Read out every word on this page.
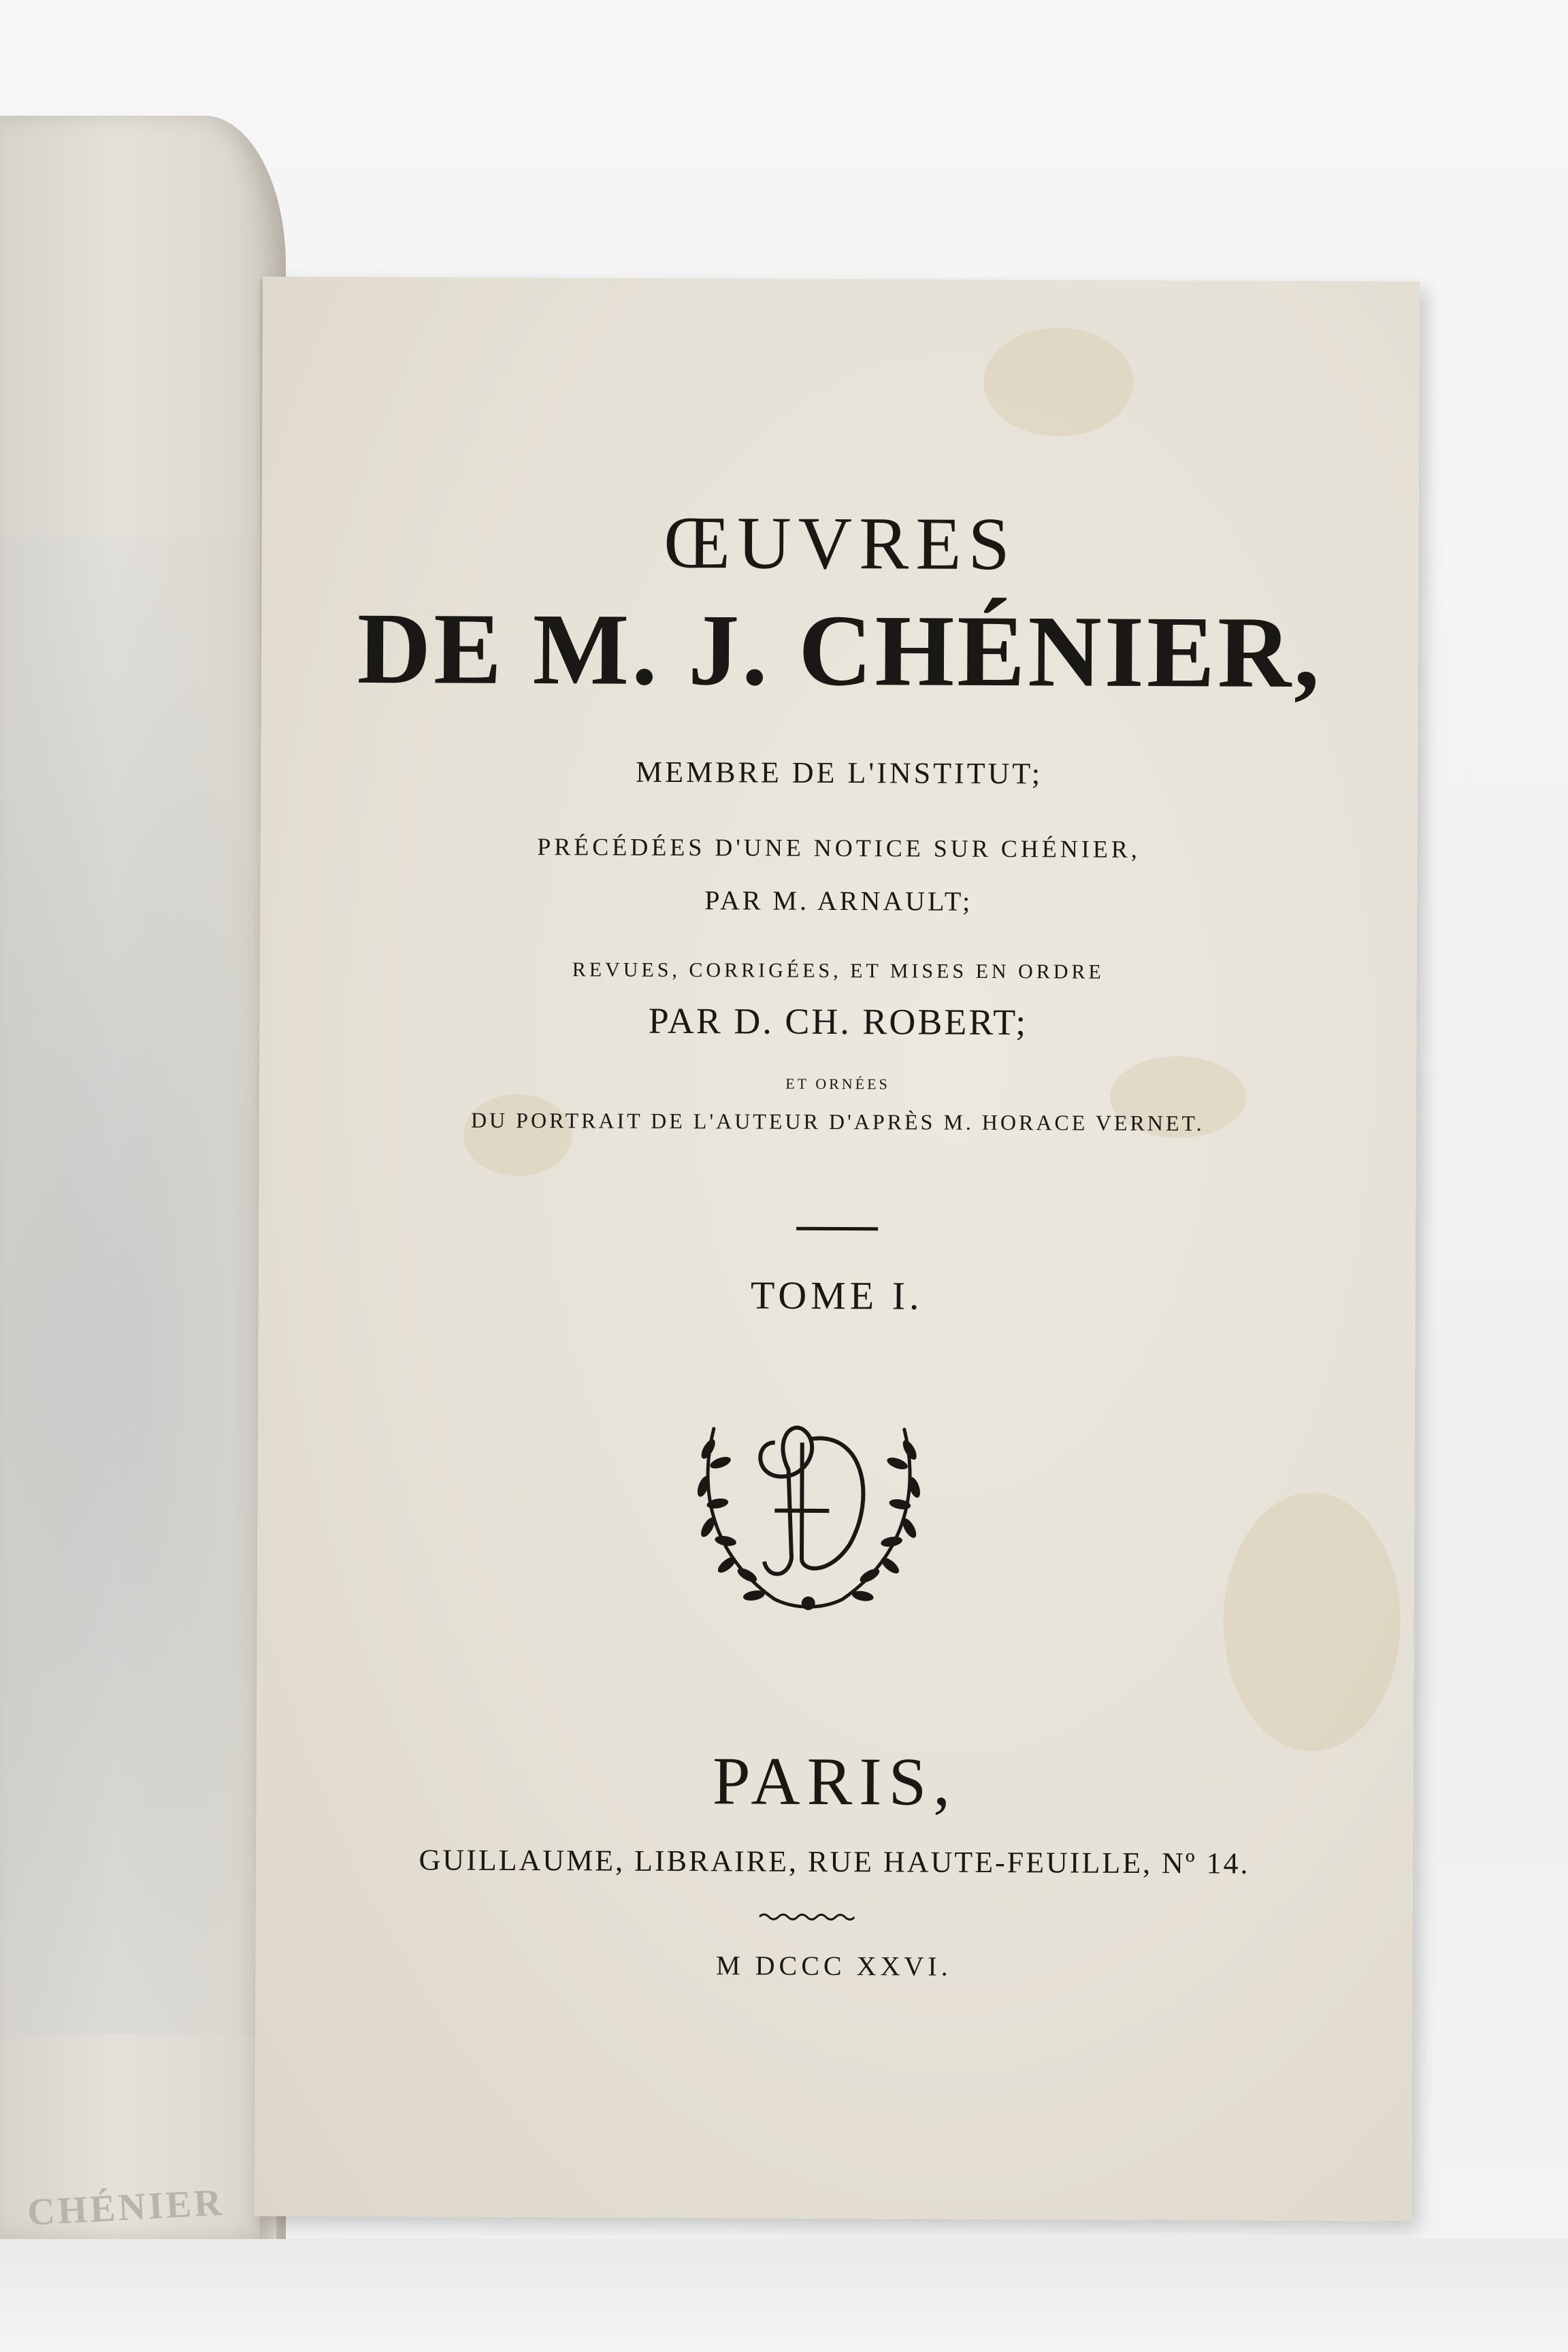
CHÉNIER
ŒUVRES
DE M. J. CHÉNIER,
MEMBRE DE L'INSTITUT;
PRÉCÉDÉES D'UNE NOTICE SUR CHÉNIER,
PAR M. ARNAULT;
REVUES, CORRIGÉES, ET MISES EN ORDRE
PAR D. CH. ROBERT;
ET ORNÉES
DU PORTRAIT DE L'AUTEUR D'APRÈS M. HORACE VERNET.
TOME I.
PARIS,
GUILLAUME, LIBRAIRE, RUE HAUTE-FEUILLE, Nº 14.
M DCCC XXVI.
